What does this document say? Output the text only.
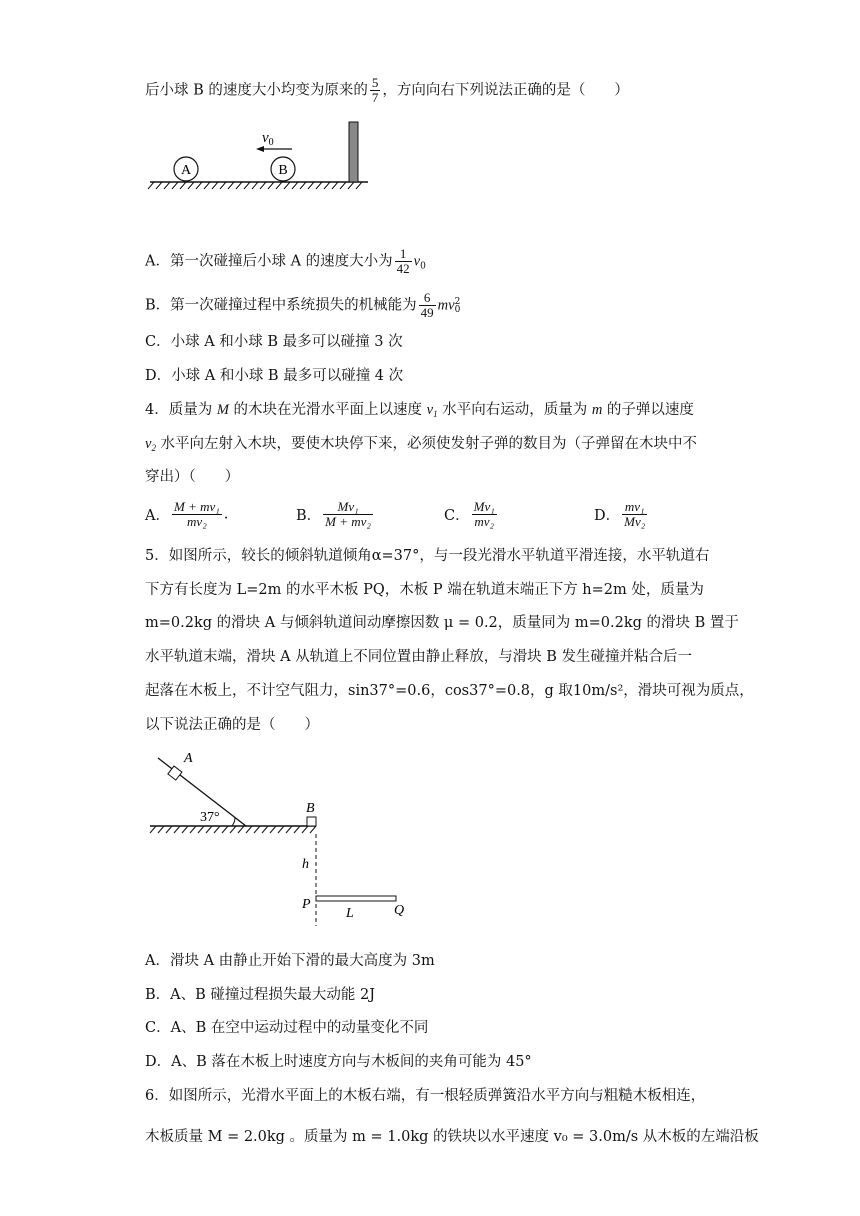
后小球 B 的速度大小均变为原来的 $\frac{5}{7}$ ，方向向右下列说法正确的是（　　）
A	B
$v_0$
A．第一次碰撞后小球 A 的速度大小为 $\frac{1}{42} v_0$
B．第一次碰撞过程中系统损失的机械能为 $\frac{6}{49}$ mv 2
0
C．小球 A 和小球 B 最多可以碰撞 3 次
D．小球 A 和小球 B 最多可以碰撞 4 次
4．质量为 M 的木块在光滑水平面上以速度 $v_1$ 水平向右运动，质量为 m 的子弹以速度
$v_2$ 水平向左射入木块，要使木块停下来，必须使发射子弹的数目为（子弹留在木块中不
穿出）（　　）
A． $\frac{\text{M + mv₁}}{\text{mv₂}}$ .	B． $\frac{\text{Mv₁}}{\text{M + mv₂}}$	C． $\frac{\text{Mv₁}}{\text{mv₂}}$	D． $\frac{\text{mv₁}}{\text{Mv₂}}$
5．如图所示，较长的倾斜轨道倾角α=37°，与一段光滑水平轨道平滑连接，水平轨道右
下方有长度为 L=2m 的水平木板 PQ，木板 P 端在轨道末端正下方 h=2m 处，质量为
m=0.2kg 的滑块 A 与倾斜轨道间动摩擦因数 μ = 0.2，质量同为 m=0.2kg 的滑块 B 置于
水平轨道末端，滑块 A 从轨道上不同位置由静止释放，与滑块 B 发生碰撞并粘合后一
起落在木板上，不计空气阻力，sin37°=0.6，cos37°=0.8，g 取10m/s²，滑块可视为质点，
以下说法正确的是（　　）
A
37°
B
h
P
L	Q
A．滑块 A 由静止开始下滑的最大高度为 3m
B．A、B 碰撞过程损失最大动能 2J
C．A、B 在空中运动过程中的动量变化不同
D．A、B 落在木板上时速度方向与木板间的夹角可能为 45°
6．如图所示，光滑水平面上的木板右端，有一根轻质弹簧沿水平方向与粗糙木板相连，
木板质量 M = 2.0kg 。质量为 m = 1.0kg 的铁块以水平速度 v₀ = 3.0m/s 从木板的左端沿板
